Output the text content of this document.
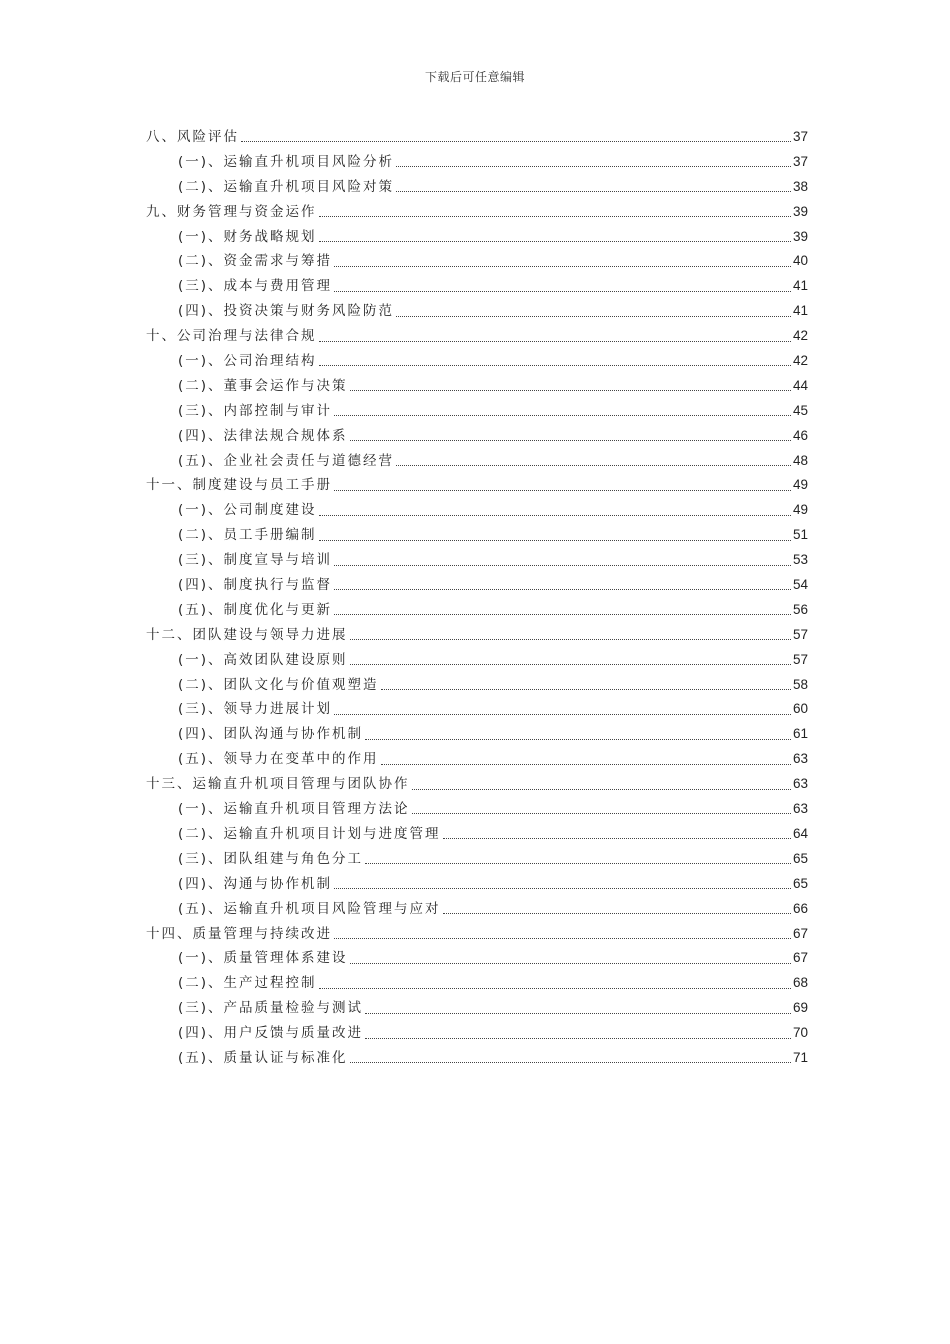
下载后可任意编辑
八、风险评估	37
(一)、运输直升机项目风险分析	37
(二)、运输直升机项目风险对策	38
九、财务管理与资金运作	39
(一)、财务战略规划	39
(二)、资金需求与筹措	40
(三)、成本与费用管理	41
(四)、投资决策与财务风险防范	41
十、公司治理与法律合规	42
(一)、公司治理结构	42
(二)、董事会运作与决策	44
(三)、内部控制与审计	45
(四)、法律法规合规体系	46
(五)、企业社会责任与道德经营	48
十一、制度建设与员工手册	49
(一)、公司制度建设	49
(二)、员工手册编制	51
(三)、制度宣导与培训	53
(四)、制度执行与监督	54
(五)、制度优化与更新	56
十二、团队建设与领导力进展	57
(一)、高效团队建设原则	57
(二)、团队文化与价值观塑造	58
(三)、领导力进展计划	60
(四)、团队沟通与协作机制	61
(五)、领导力在变革中的作用	63
十三、运输直升机项目管理与团队协作	63
(一)、运输直升机项目管理方法论	63
(二)、运输直升机项目计划与进度管理	64
(三)、团队组建与角色分工	65
(四)、沟通与协作机制	65
(五)、运输直升机项目风险管理与应对	66
十四、质量管理与持续改进	67
(一)、质量管理体系建设	67
(二)、生产过程控制	68
(三)、产品质量检验与测试	69
(四)、用户反馈与质量改进	70
(五)、质量认证与标准化	71
